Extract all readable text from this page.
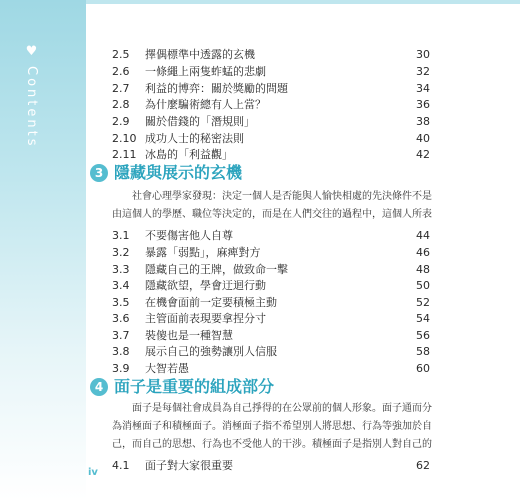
♥Contents
2.5	擇偶標準中透露的玄機	30
2.6	一條繩上兩隻蚱蜢的悲劇	32
2.7	利益的博弈：關於獎勵的問題	34
2.8	為什麼騙術總有人上當？	36
2.9	關於借錢的「潛規則」	38
2.10 成功人士的秘密法則	40
2.11 冰島的「利益觀」	42
3 隱藏與展示的玄機
社會心理學家發現：決定一個人是否能與人愉快相處的先決條件不是由這個人的學歷、職位等決定的，而是在人們交往的過程中，這個人所表
3.1	不要傷害他人自尊	44
3.2	暴露「弱點」，麻痺對方	46
3.3	隱藏自己的王牌，做致命一擊	48
3.4	隱藏欲望，學會迂迴行動	50
3.5	在機會面前一定要積極主動	52
3.6	主管面前表現要拿捏分寸	54
3.7	裝傻也是一種智慧	56
3.8	展示自己的強勢讓別人信服	58
3.9	大智若愚	60
4 面子是重要的組成部分
面子是每個社會成員為自己掙得的在公眾前的個人形象。面子通而分為消極面子和積極面子。消極面子指不希望別人將思想、行為等強加於自己，而自己的思想、行為也不受他人的干涉。積極面子是指別人對自己的
4.1	面子對大家很重要	62
iv
